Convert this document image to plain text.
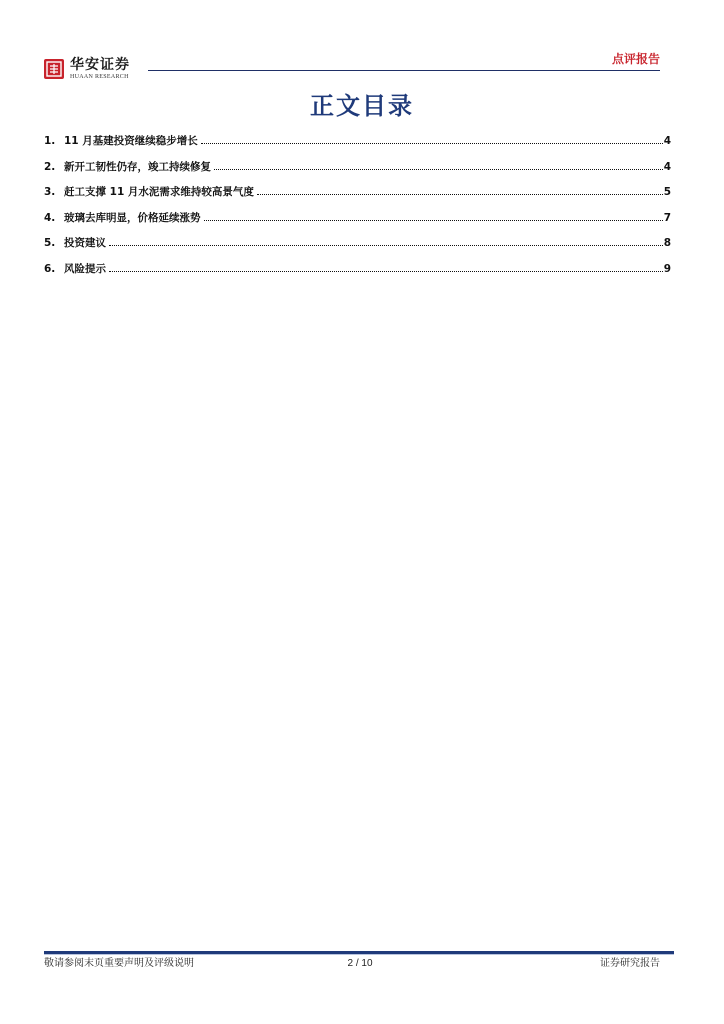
华安证券
HUAAN RESEARCH
点评报告
正文目录
1. 11 月基建投资继续稳步增长	4
2. 新开工韧性仍存，竣工持续修复	4
3. 赶工支撑 11 月水泥需求维持较高景气度	5
4. 玻璃去库明显，价格延续涨势	7
5. 投资建议	8
6. 风险提示	9
敬请参阅末页重要声明及评级说明	2 / 10	证券研究报告
